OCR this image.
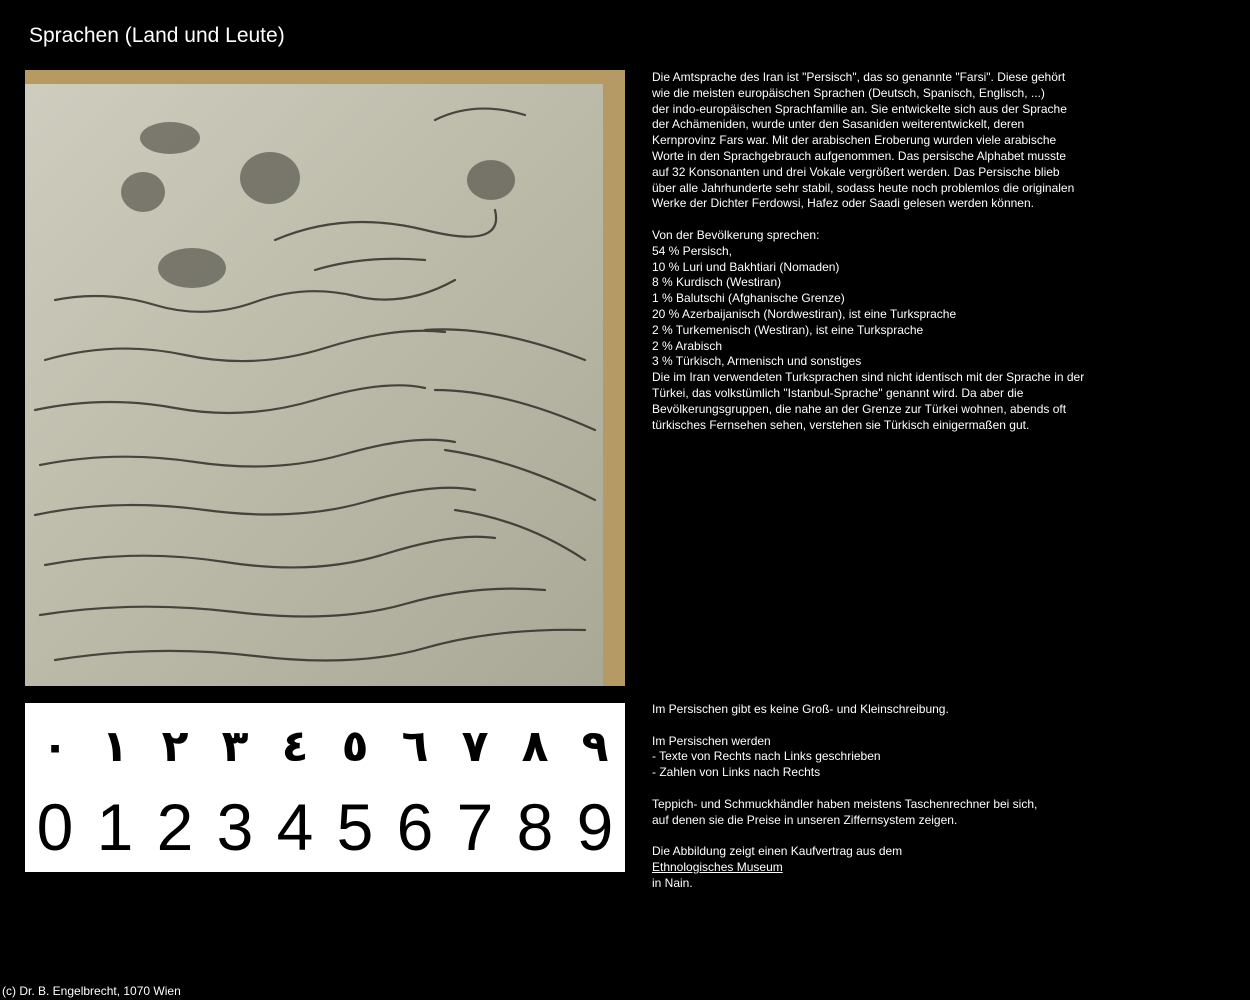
Sprachen (Land und Leute)
٠ ١ ٢ ٣ ٤ ٥ ٦ ٧ ٨ ٩
0 1 2 3 4 5 6 7 8 9

Die Amtsprache des Iran ist "Persisch", das so genannte "Farsi". Diese gehört

wie die meisten europäischen Sprachen (Deutsch, Spanisch, Englisch, ...)

der indo-europäischen Sprachfamilie an. Sie entwickelte sich aus der Sprache

der Achämeniden, wurde unter den Sasaniden weiterentwickelt, deren

Kernprovinz Fars war. Mit der arabischen Eroberung wurden viele arabische

Worte in den Sprachgebrauch aufgenommen. Das persische Alphabet musste

auf 32 Konsonanten und drei Vokale vergrößert werden. Das Persische blieb

über alle Jahrhunderte sehr stabil, sodass heute noch problemlos die originalen

Werke der Dichter Ferdowsi, Hafez oder Saadi gelesen werden können.

Von der Bevölkerung sprechen:

54 % Persisch,

10 % Luri und Bakhtiari (Nomaden)

8 % Kurdisch (Westiran)

1 % Balutschi (Afghanische Grenze)

20 % Azerbaijanisch (Nordwestiran), ist eine Turksprache

2 % Turkemenisch (Westiran), ist eine Turksprache

2 % Arabisch

3 % Türkisch, Armenisch und sonstiges

Die im Iran verwendeten Turksprachen sind nicht identisch mit der Sprache in der

Türkei, das volkstümlich "Istanbul-Sprache" genannt wird. Da aber die

Bevölkerungsgruppen, die nahe an der Grenze zur Türkei wohnen, abends oft

türkisches Fernsehen sehen, verstehen sie Türkisch einigermaßen gut.

Im Persischen gibt es keine Groß- und Kleinschreibung.

Im Persischen werden

- Texte von Rechts nach Links geschrieben

- Zahlen von Links nach Rechts

Teppich- und Schmuckhändler haben meistens Taschenrechner bei sich,

auf denen sie die Preise in unseren Ziffernsystem zeigen.

Die Abbildung zeigt einen Kaufvertrag aus dem

Ethnologisches Museum

in Nain.

(c) Dr. B. Engelbrecht, 1070 Wien
